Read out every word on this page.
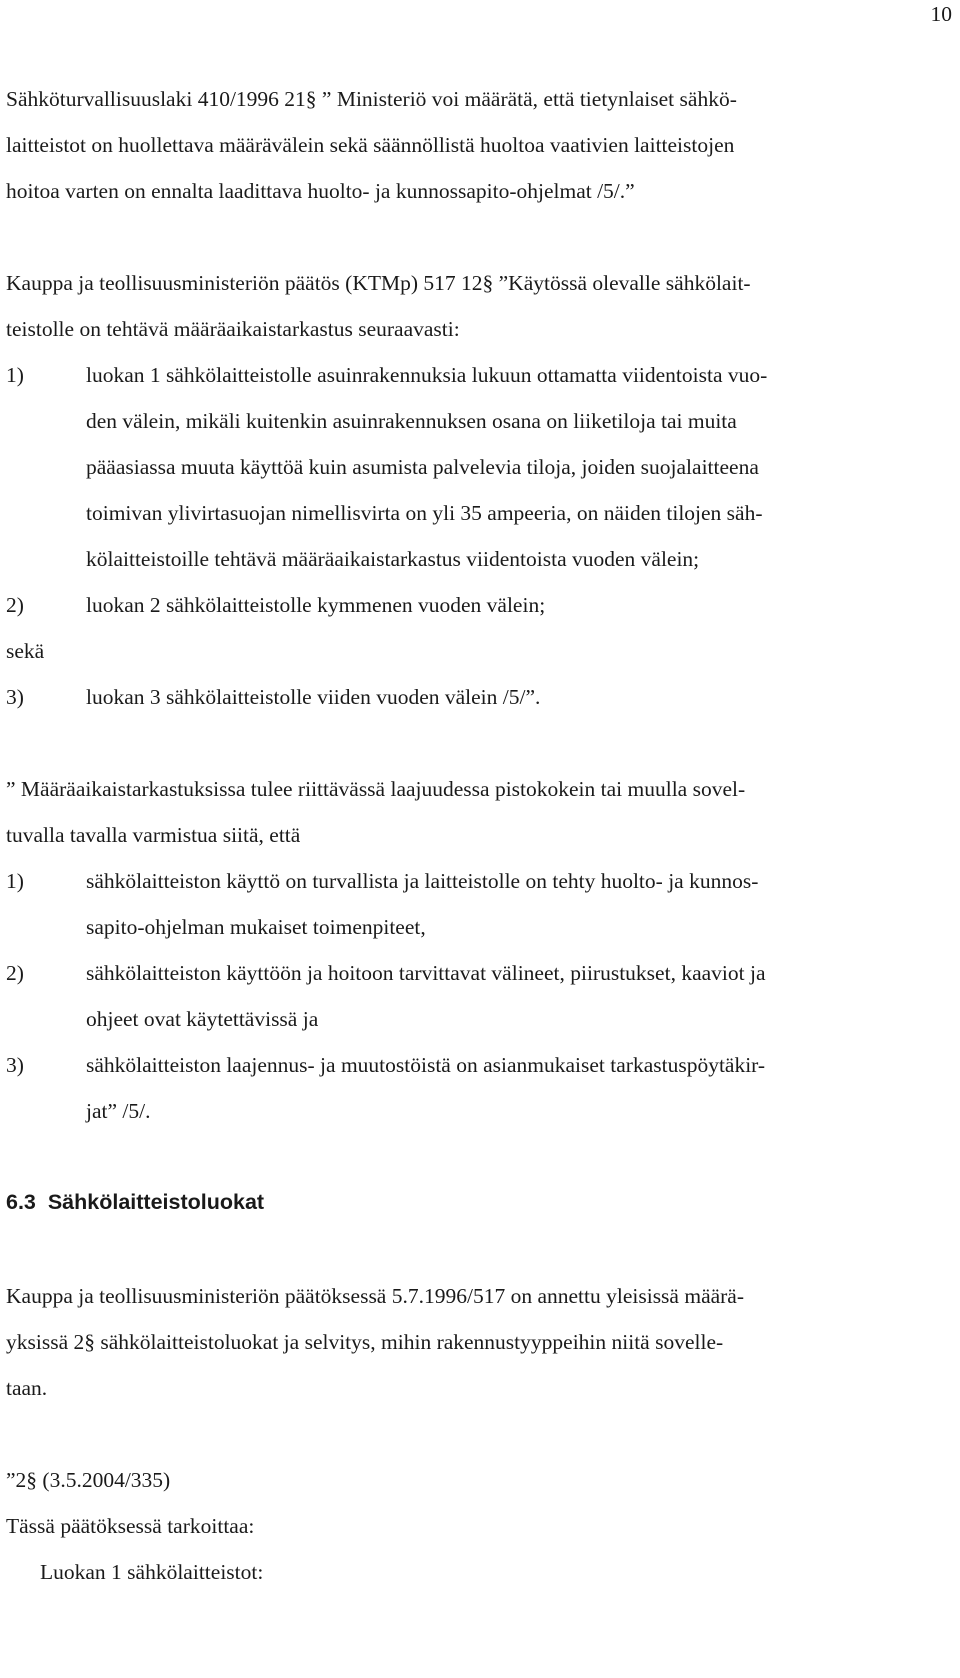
10
Sähköturvallisuuslaki 410/1996 21§ ” Ministeriö voi määrätä, että tietynlaiset sähkö-
laitteistot on huollettava määrävälein sekä säännöllistä huoltoa vaativien laitteistojen
hoitoa varten on ennalta laadittava huolto- ja kunnossapito-ohjelmat /5/.”
Kauppa ja teollisuusministeriön päätös (KTMp) 517 12§ ”Käytössä olevalle sähkölait-
teistolle on tehtävä määräaikaistarkastus seuraavasti:
1)	luokan 1 sähkölaitteistolle asuinrakennuksia lukuun ottamatta viidentoista vuo-
den välein, mikäli kuitenkin asuinrakennuksen osana on liiketiloja tai muita
pääasiassa muuta käyttöä kuin asumista palvelevia tiloja, joiden suojalaitteena
toimivan ylivirtasuojan nimellisvirta on yli 35 ampeeria, on näiden tilojen säh-
kölaitteistoille tehtävä määräaikaistarkastus viidentoista vuoden välein;
2)	luokan 2 sähkölaitteistolle kymmenen vuoden välein;
sekä
3)	luokan 3 sähkölaitteistolle viiden vuoden välein /5/”.
” Määräaikaistarkastuksissa tulee riittävässä laajuudessa pistokokein tai muulla sovel-
tuvalla tavalla varmistua siitä, että
1)	sähkölaitteiston käyttö on turvallista ja laitteistolle on tehty huolto- ja kunnos-
sapito-ohjelman mukaiset toimenpiteet,
2)	sähkölaitteiston käyttöön ja hoitoon tarvittavat välineet, piirustukset, kaaviot ja
ohjeet ovat käytettävissä ja
3)	sähkölaitteiston laajennus- ja muutostöistä on asianmukaiset tarkastuspöytäkir-
jat” /5/.
6.3 Sähkölaitteistoluokat
Kauppa ja teollisuusministeriön päätöksessä 5.7.1996/517 on annettu yleisissä määrä-
yksissä 2§ sähkölaitteistoluokat ja selvitys, mihin rakennustyyppeihin niitä sovelle-
taan.
”2§ (3.5.2004/335)
Tässä päätöksessä tarkoittaa:
Luokan 1 sähkölaitteistot:
